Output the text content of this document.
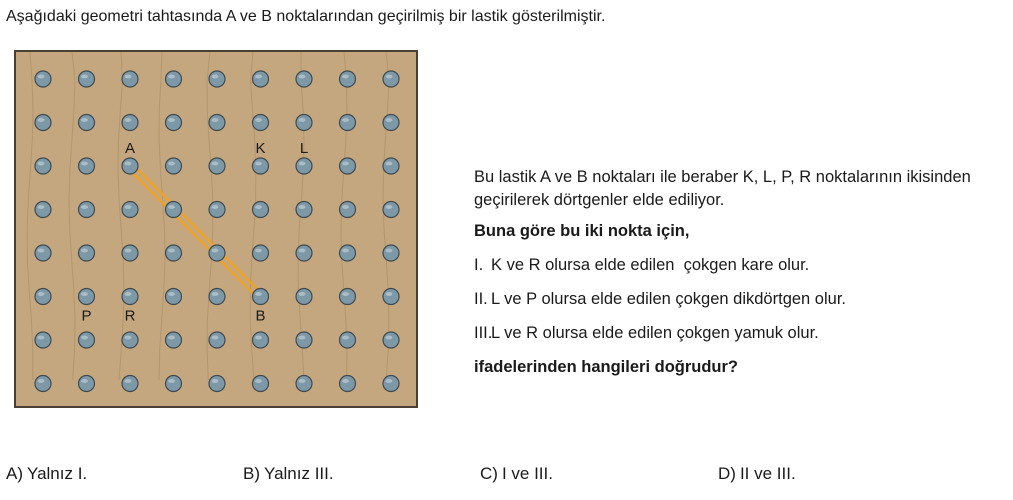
Aşağıdaki geometri tahtasında A ve B noktalarından geçirilmiş bir lastik gösterilmiştir.
A	K L
P R	B

Bu lastik A ve B noktaları ile beraber K, L, P, R noktalarının ikisinden geçirilerek dörtgenler elde ediliyor.

Buna göre bu iki nokta için,

I. K ve R olursa elde edilen  çokgen kare olur.

II. L ve P olursa elde edilen çokgen dikdörtgen olur.

III.
L ve R olursa elde edilen çokgen yamuk olur.

ifadelerinden hangileri doğrudur?

A) Yalnız I.	B) Yalnız III.	C) I ve III.	D) II ve III.
